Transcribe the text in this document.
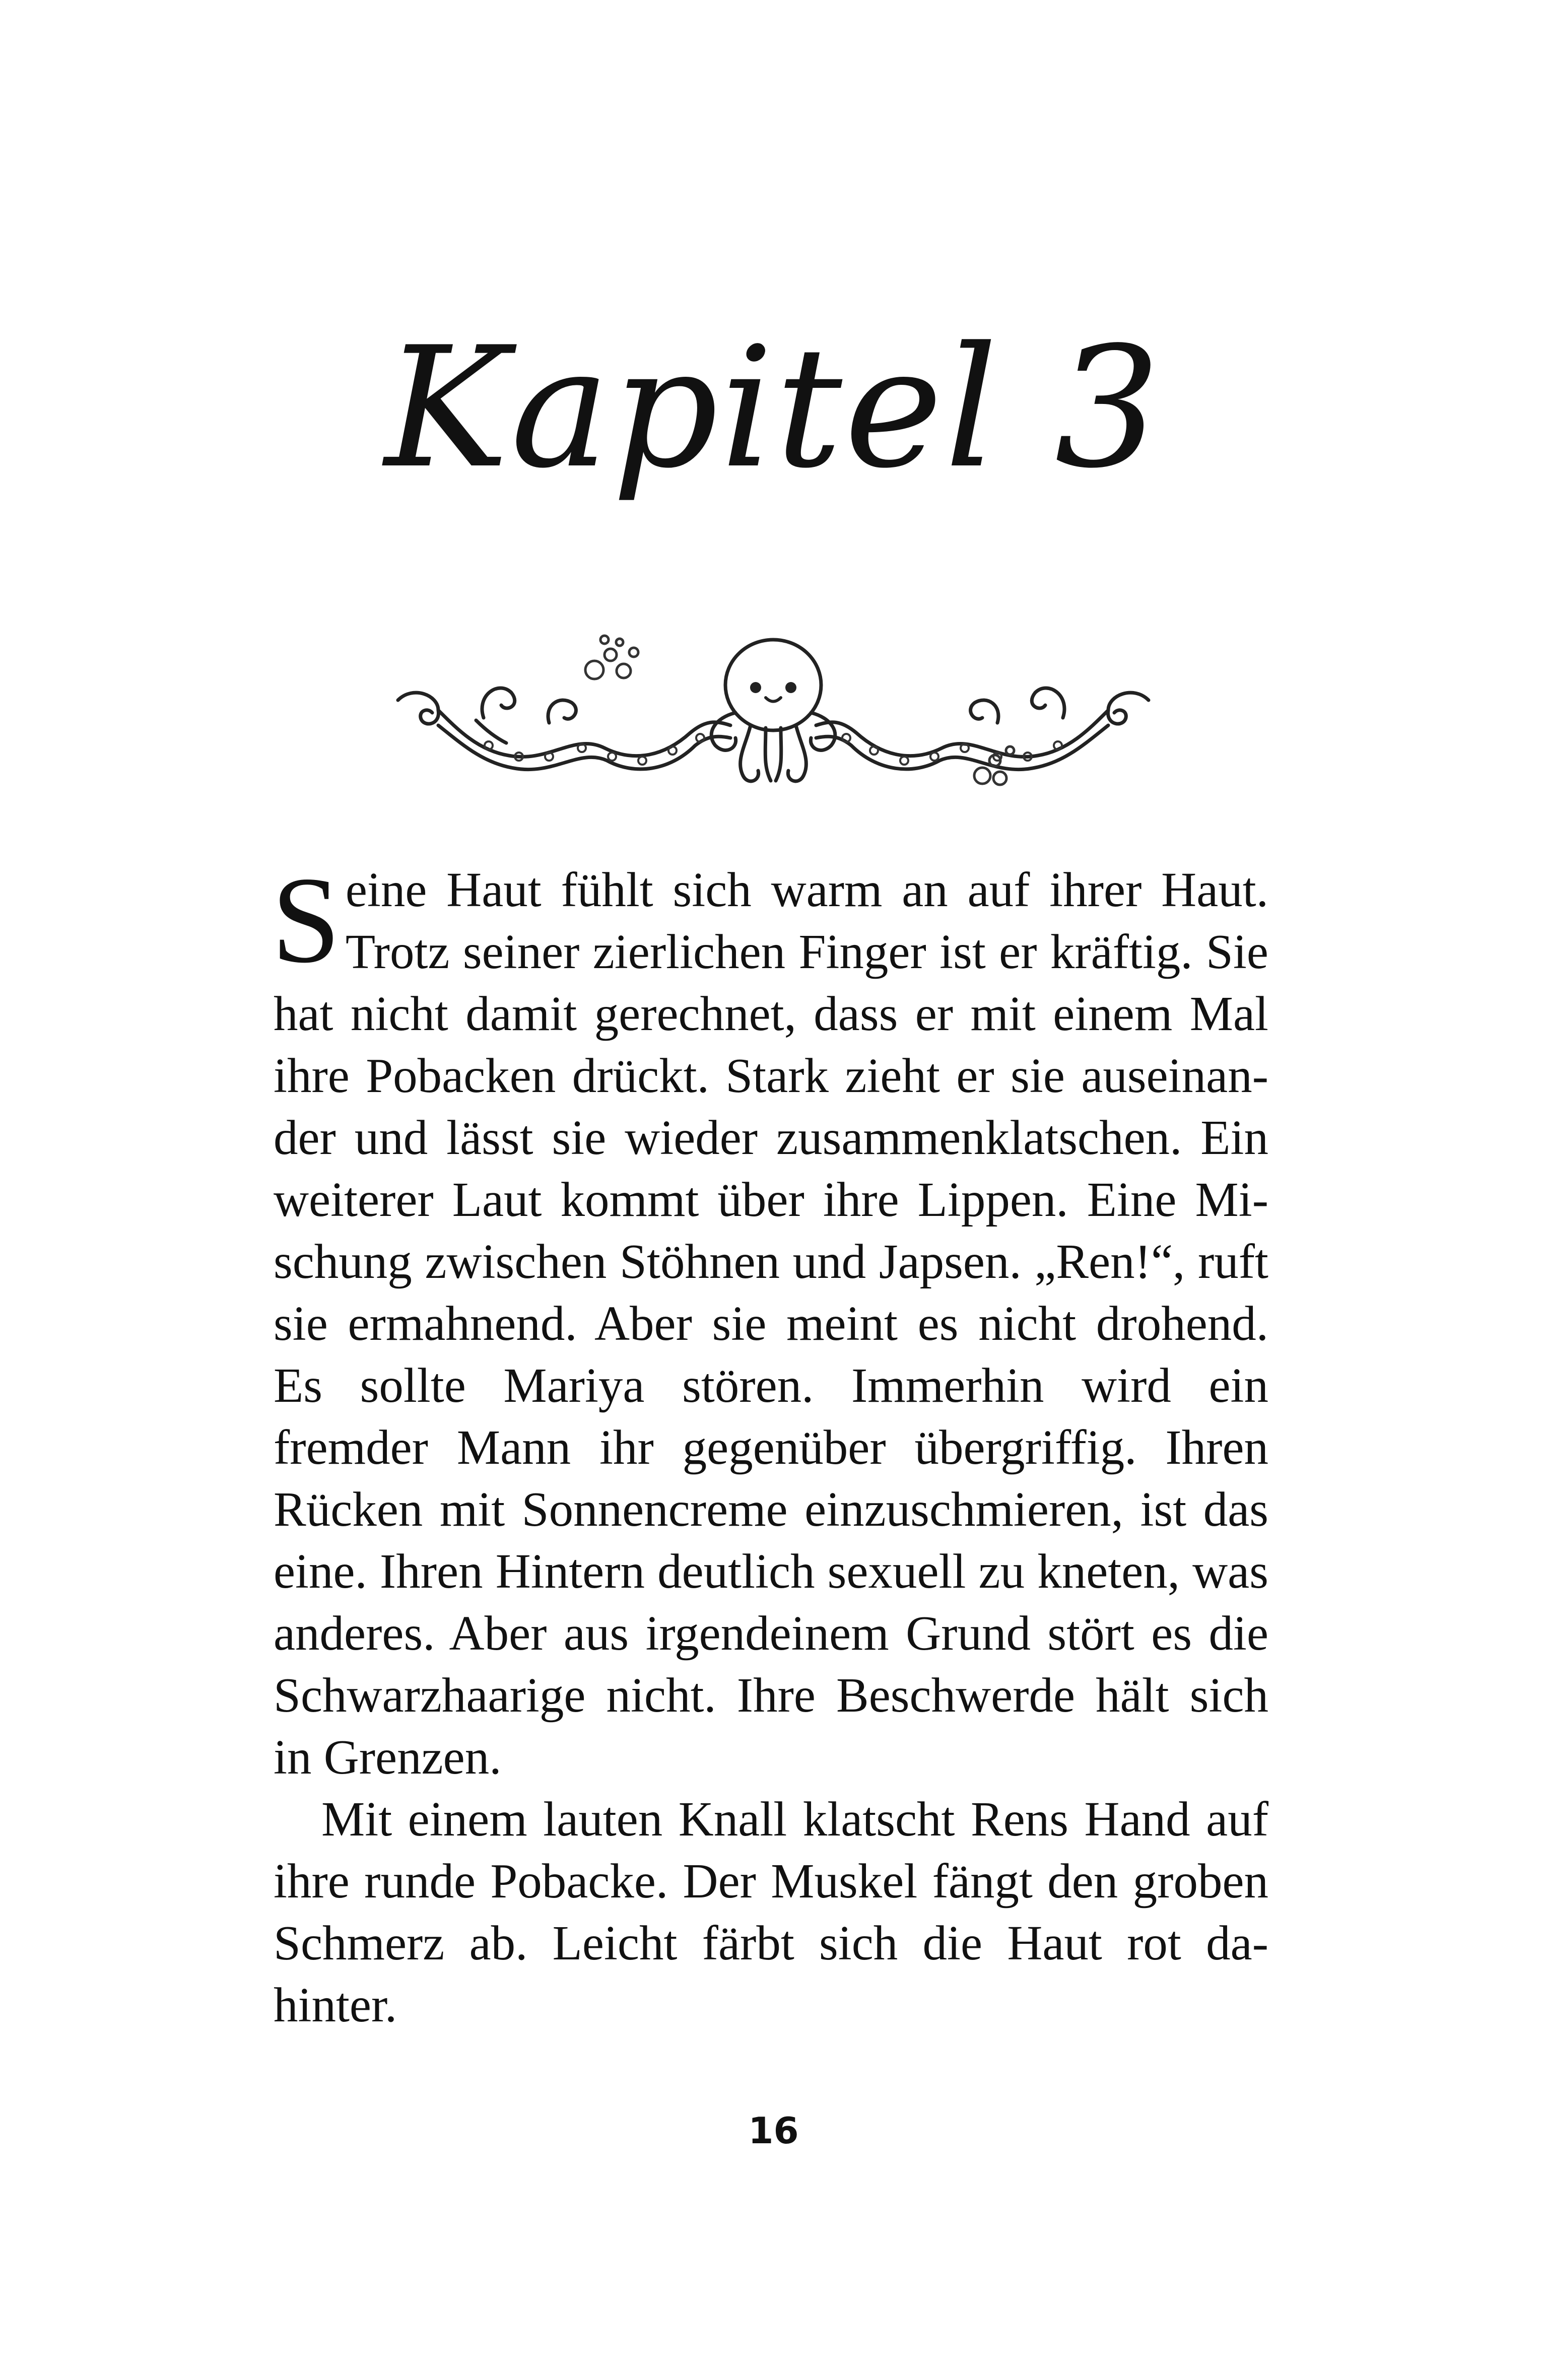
Kapitel 3

Seine Haut fühlt sich warm an auf ihrer Haut. Trotz seiner zierlichen Finger ist er kräftig. Sie hat nicht damit gerechnet, dass er mit einem Mal ihre Pobacken drückt. Stark zieht er sie auseinander und lässt sie wieder zusammenklatschen. Ein weiterer Laut kommt über ihre Lippen. Eine Mischung zwischen Stöhnen und Japsen. „Ren!“, ruft sie ermahnend. Aber sie meint es nicht drohend. Es sollte Mariya stören. Immerhin wird ein fremder Mann ihr gegenüber übergriffig. Ihren Rücken mit Sonnencreme einzuschmieren, ist das eine. Ihren Hintern deutlich sexuell zu kneten, was anderes. Aber aus irgendeinem Grund stört es die Schwarzhaarige nicht. Ihre Beschwerde hält sich in Grenzen.

Mit einem lauten Knall klatscht Rens Hand auf ihre runde Pobacke. Der Muskel fängt den groben Schmerz ab. Leicht färbt sich die Haut rot dahinter.

16
